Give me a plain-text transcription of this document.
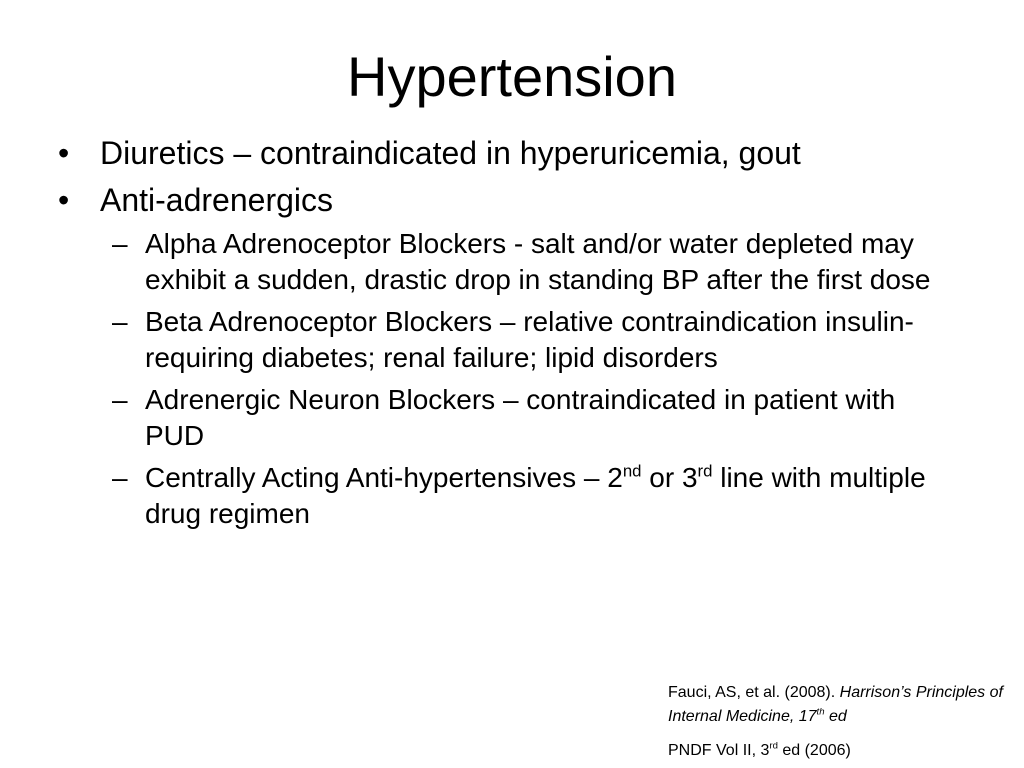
Hypertension
• Diuretics – contraindicated in hyperuricemia, gout
• Anti-adrenergics
– Alpha Adrenoceptor Blockers - salt and/or water depleted may exhibit a sudden, drastic drop in standing BP after the first dose
– Beta Adrenoceptor Blockers – relative contraindication insulin-requiring diabetes; renal failure; lipid disorders
– Adrenergic Neuron Blockers – contraindicated in patient with PUD
– Centrally Acting Anti-hypertensives – 2nd or 3rd line with multiple drug regimen

Fauci, AS, et al. (2008). Harrison’s Principles of Internal Medicine, 17th ed

PNDF Vol II, 3rd ed (2006)
